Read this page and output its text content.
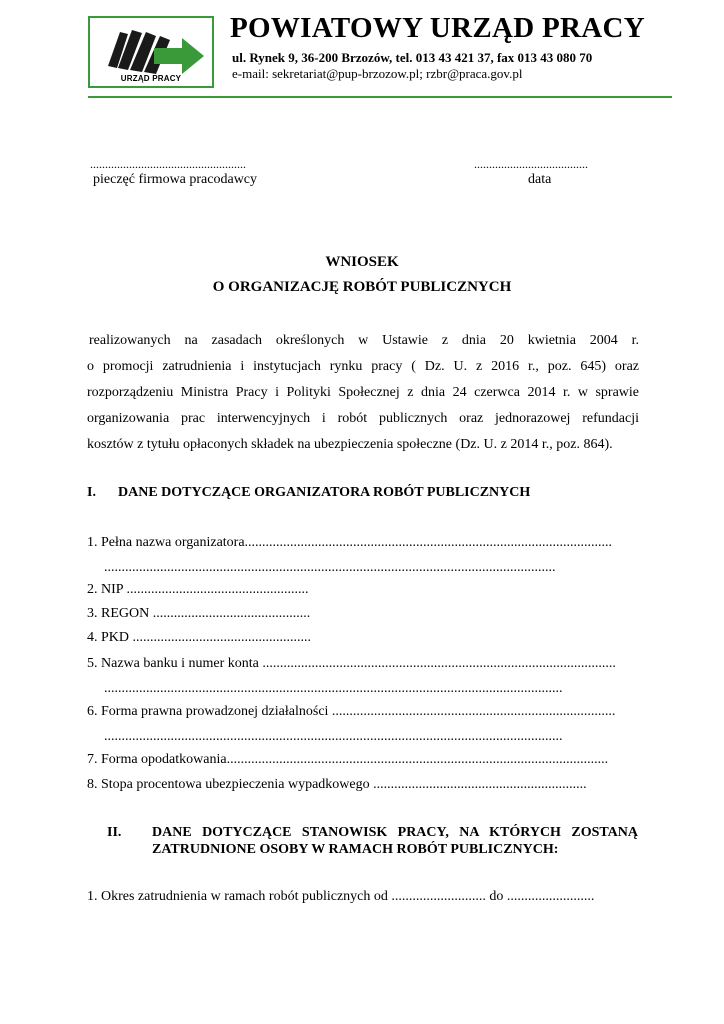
URZĄD PRACY
POWIATOWY URZĄD PRACY
ul. Rynek 9, 36-200 Brzozów, tel. 013 43 421 37, fax 013 43 080 70
e-mail: sekretariat@pup-brzozow.pl; rzbr@praca.gov.pl
....................................................
pieczęć firmowa pracodawcy
......................................
data
WNIOSEK
O ORGANIZACJĘ ROBÓT PUBLICZNYCH

realizowanych na zasadach określonych w Ustawie z dnia 20 kwietnia 2004 r.

o promocji zatrudnienia i instytucjach rynku pracy ( Dz. U. z 2016 r., poz. 645) oraz

rozporządzeniu Ministra Pracy i Polityki Społecznej z dnia 24 czerwca 2014 r. w sprawie

organizowania prac interwencyjnych i robót publicznych oraz jednorazowej refundacji

kosztów z tytułu opłaconych składek na ubezpieczenia społeczne (Dz. U. z 2014 r., poz. 864).

I. DANE DOTYCZĄCE ORGANIZATORA ROBÓT PUBLICZNYCH
1. Pełna nazwa organizatora.........................................................................................................
.................................................................................................................................
2. NIP ....................................................
3. REGON .............................................
4. PKD ...................................................
5. Nazwa banku i numer konta .....................................................................................................
...................................................................................................................................
6. Forma prawna prowadzonej działalności .................................................................................
...................................................................................................................................
7. Forma opodatkowania.............................................................................................................
8. Stopa procentowa ubezpieczenia wypadkowego .............................................................
II. DANE DOTYCZĄCE STANOWISK PRACY, NA KTÓRYCH ZOSTANĄ
ZATRUDNIONE OSOBY W RAMACH ROBÓT PUBLICZNYCH:
1. Okres zatrudnienia w ramach robót publicznych od ........................... do .........................
